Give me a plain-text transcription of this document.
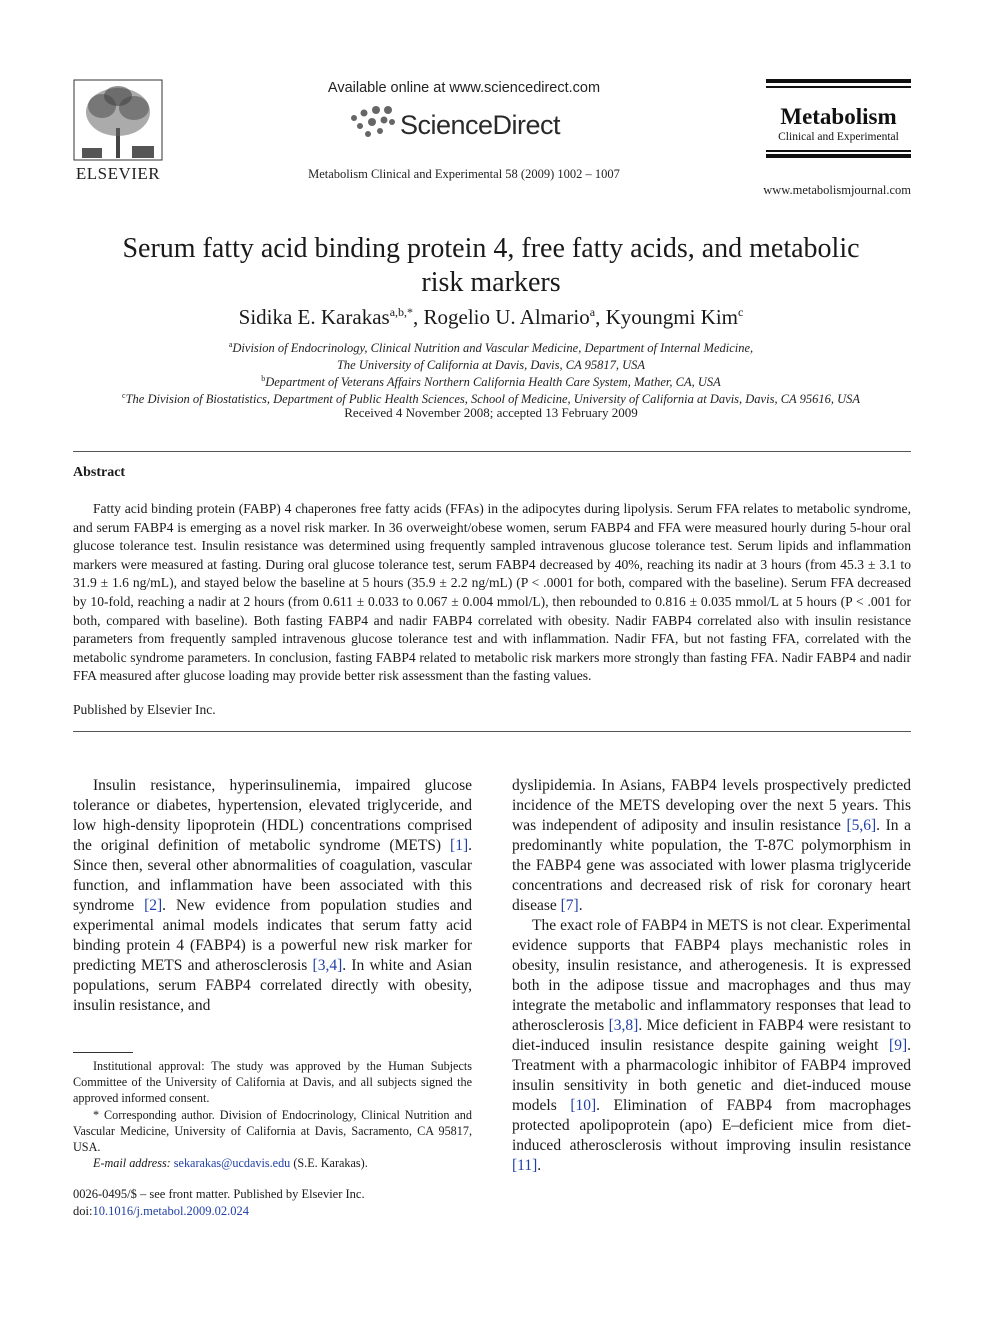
ELSEVIER
Available online at www.sciencedirect.com
ScienceDirect
Metabolism Clinical and Experimental 58 (2009) 1002 – 1007
Metabolism
Clinical and Experimental
www.metabolismjournal.com
Serum fatty acid binding protein 4, free fatty acids, and metabolic
risk markers
Sidika E. Karakas$^{a,b,*}$, Rogelio U. Almario$^a$, Kyoungmi Kim$^c$
$^a$Division of Endocrinology, Clinical Nutrition and Vascular Medicine, Department of Internal Medicine,
The University of California at Davis, Davis, CA 95817, USA
$^b$Department of Veterans Affairs Northern California Health Care System, Mather, CA, USA
$^c$The Division of Biostatistics, Department of Public Health Sciences, School of Medicine, University of California at Davis, Davis, CA 95616, USA
Received 4 November 2008; accepted 13 February 2009
Abstract
Fatty acid binding protein (FABP) 4 chaperones free fatty acids (FFAs) in the adipocytes during lipolysis. Serum FFA relates to metabolic syndrome, and serum FABP4 is emerging as a novel risk marker. In 36 overweight/obese women, serum FABP4 and FFA were measured hourly during 5-hour oral glucose tolerance test. Insulin resistance was determined using frequently sampled intravenous glucose tolerance test. Serum lipids and inflammation markers were measured at fasting. During oral glucose tolerance test, serum FABP4 decreased by 40%, reaching its nadir at 3 hours (from 45.3 ± 3.1 to 31.9 ± 1.6 ng/mL), and stayed below the baseline at 5 hours (35.9 ± 2.2 ng/mL) (P < .0001 for both, compared with the baseline). Serum FFA decreased by 10-fold, reaching a nadir at 2 hours (from 0.611 ± 0.033 to 0.067 ± 0.004 mmol/L), then rebounded to 0.816 ± 0.035 mmol/L at 5 hours (P < .001 for both, compared with baseline). Both fasting FABP4 and nadir FABP4 correlated with obesity. Nadir FABP4 correlated also with insulin resistance parameters from frequently sampled intravenous glucose tolerance test and with inflammation. Nadir FFA, but not fasting FFA, correlated with the metabolic syndrome parameters. In conclusion, fasting FABP4 related to metabolic risk markers more strongly than fasting FFA. Nadir FABP4 and nadir FFA measured after glucose loading may provide better risk assessment than the fasting values.
Published by Elsevier Inc.

Insulin resistance, hyperinsulinemia, impaired glucose tolerance or diabetes, hypertension, elevated triglyceride, and low high-density lipoprotein (HDL) concentrations comprised the original definition of metabolic syndrome (METS) [1]. Since then, several other abnormalities of coagulation, vascular function, and inflammation have been associated with this syndrome [2]. New evidence from population studies and experimental animal models indicates that serum fatty acid binding protein 4 (FABP4) is a powerful new risk marker for predicting METS and atherosclerosis [3,4]. In white and Asian populations, serum FABP4 correlated directly with obesity, insulin resistance, and

dyslipidemia. In Asians, FABP4 levels prospectively predicted incidence of the METS developing over the next 5 years. This was independent of adiposity and insulin resistance [5,6]. In a predominantly white population, the T-87C polymorphism in the FABP4 gene was associated with lower plasma triglyceride concentrations and decreased risk of risk for coronary heart disease [7].

The exact role of FABP4 in METS is not clear. Experimental evidence supports that FABP4 plays mechanistic roles in obesity, insulin resistance, and atherogenesis. It is expressed both in the adipose tissue and macrophages and thus may integrate the metabolic and inflammatory responses that lead to atherosclerosis [3,8]. Mice deficient in FABP4 were resistant to diet-induced insulin resistance despite gaining weight [9]. Treatment with a pharmacologic inhibitor of FABP4 improved insulin sensitivity in both genetic and diet-induced mouse models [10]. Elimination of FABP4 from macrophages protected apolipoprotein (apo) E–deficient mice from diet-induced atherosclerosis without improving insulin resistance [11].

Institutional approval: The study was approved by the Human Subjects Committee of the University of California at Davis, and all subjects signed the approved informed consent.

* Corresponding author. Division of Endocrinology, Clinical Nutrition and Vascular Medicine, University of California at Davis, Sacramento, CA 95817, USA.

E-mail address: sekarakas@ucdavis.edu (S.E. Karakas).

0026-0495/$ – see front matter. Published by Elsevier Inc.
doi:10.1016/j.metabol.2009.02.024
